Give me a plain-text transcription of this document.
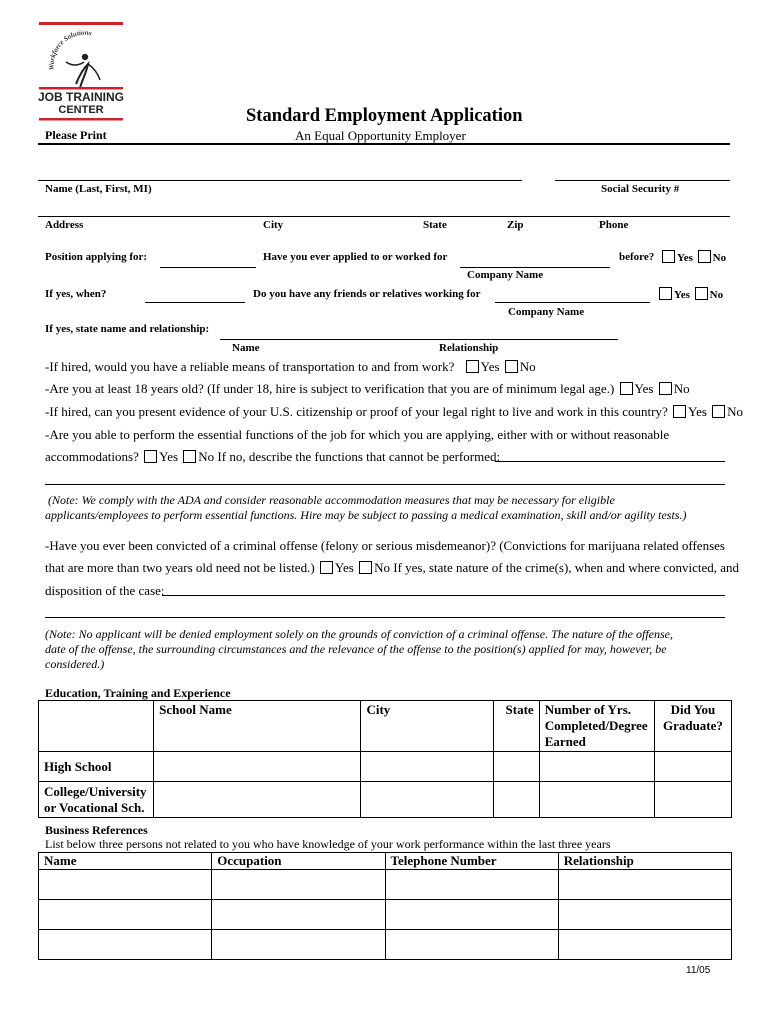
Workforce Solutions
JOB TRAINING
CENTER	Standard Employment Application
An Equal Opportunity Employer
Please Print
Name (Last, First, MI)	Social Security #
Address	City	State	Zip	Phone
Position applying for:	Have you ever applied to or worked for	before?	Yes No
Company Name
If yes, when?	Do you have any friends or relatives working for	Yes No
Company Name
If yes, state name and relationship:
Name	Relationship
-If hired, would you have a reliable means of transportation to and from work? Yes No
-Are you at least 18 years old? (If under 18, hire is subject to verification that you are of minimum legal age.) Yes No
-If hired, can you present evidence of your U.S. citizenship or proof of your legal right to live and work in this country? Yes No
-Are you able to perform the essential functions of the job for which you are applying, either with or without reasonable
accommodations? Yes No If no, describe the functions that cannot be performed:
(Note: We comply with the ADA and consider reasonable accommodation measures that may be necessary for eligible
applicants/employees to perform essential functions. Hire may be subject to passing a medical examination, skill and/or agility tests.)
-Have you ever been convicted of a criminal offense (felony or serious misdemeanor)? (Convictions for marijuana related offenses
that are more than two years old need not be listed.) Yes No If yes, state nature of the crime(s), when and where convicted, and
disposition of the case:
(Note: No applicant will be denied employment solely on the grounds of conviction of a criminal offense. The nature of the offense,
date of the offense, the surrounding circumstances and the relevance of the offense to the position(s) applied for may, however, be
considered.)
Education, Training and Experience
	School Name	City	State	Number of Yrs. Completed/Degree Earned	Did You Graduate?
High School					
College/University or Vocational Sch.					
Business References
List below three persons not related to you who have knowledge of your work performance within the last three years
Name	Occupation	Telephone Number	Relationship

11/05
